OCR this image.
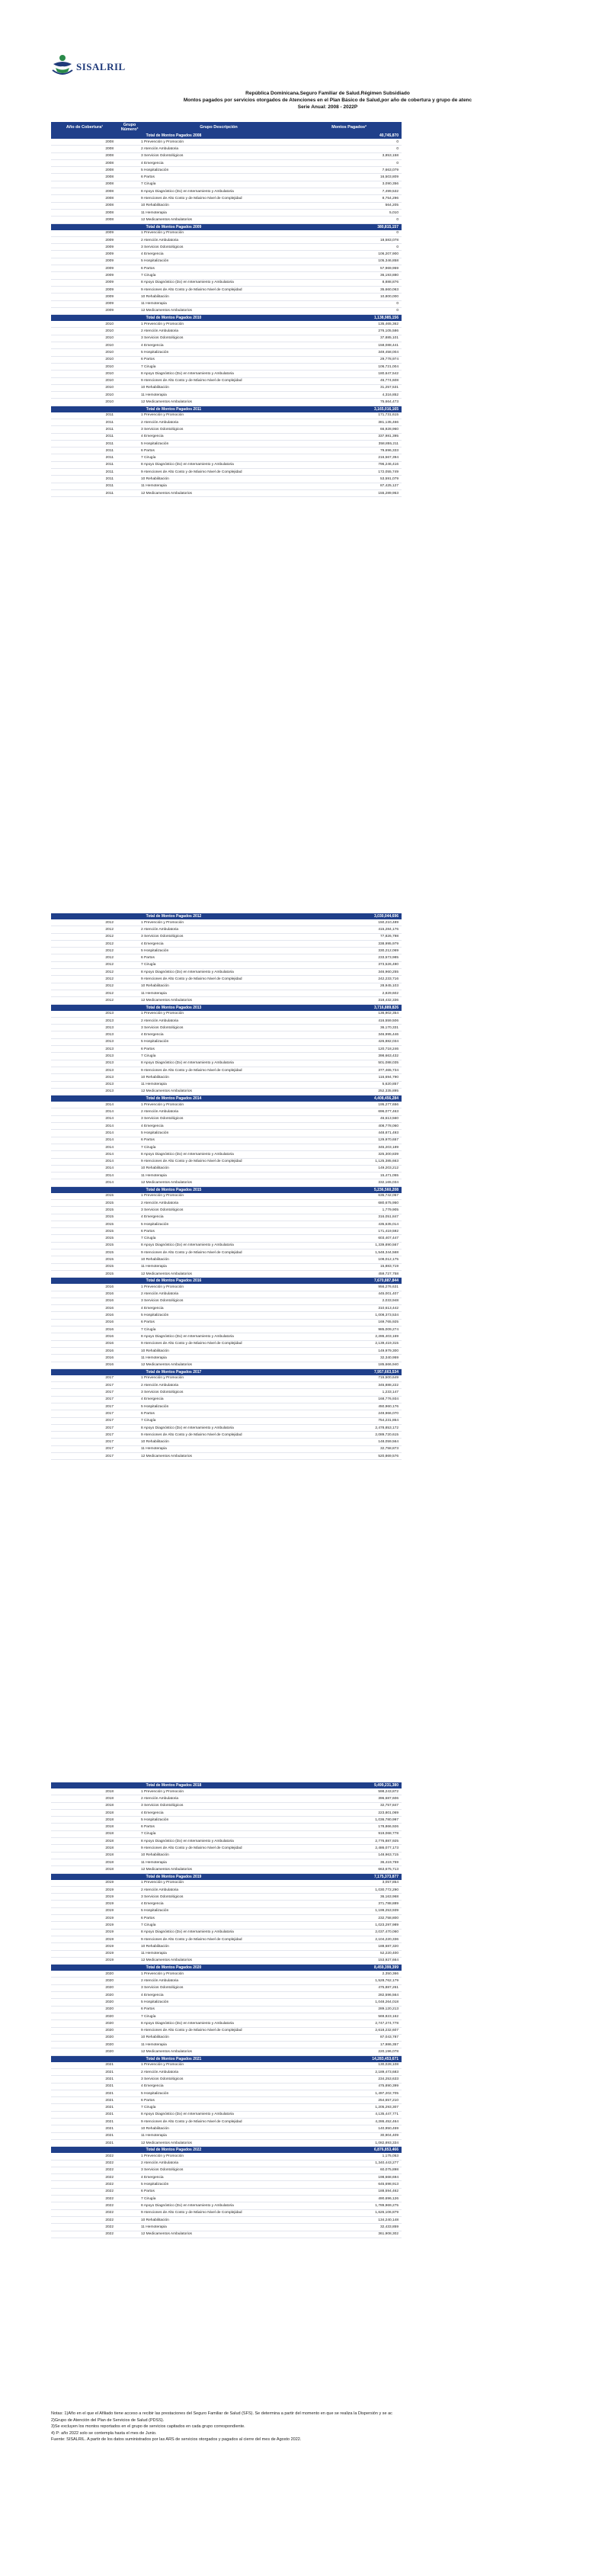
SISALRIL
República Dominicana.Seguro Familiar de Salud.Régimen Subsidiado
Montos pagados por servicios otorgados de Atenciones en el Plan Básico de Salud,por año de cobertura y grupo de atenc
Serie Anual: 2008 - 2022P
Año de Cobertura¹	Grupo Número³	Grupo Descripción	Montos Pagados²
Total de Montos Pagados 2008	40,745,870
2008	1 Prevención y Promoción	0
2008	2 Atención Ambulatoria	0
2008	3 Servicios Odontológicos	3,853,158
2008	4 Emergencia	0
2008	5 Hospitalización	7,663,079
2008	6 Partos	16,503,809
2008	7 Cirugía	3,090,356
2008	8 Apoyo Diagnóstico (Dx) en Internamiento y Ambulatoria	7,499,532
2008	9 Atenciones de Alto Costo y de Máximo Nivel de Complejidad	8,754,296
2008	10 Rehabilitación	564,205
2008	11 Hemoterapia	5,010
2008	12 Medicamentos Ambulatorios	0
Total de Montos Pagados 2009	380,815,157
2009	1 Prevención y Promoción	0
2009	2 Atención Ambulatoria	18,583,078
2009	3 Servicios Odontológicos	0
2009	4 Emergencia	106,207,900
2009	5 Hospitalización	105,346,858
2009	6 Partos	57,969,959
2009	7 Cirugía	36,193,880
2009	8 Apoyo Diagnóstico (Dx) en Internamiento y Ambulatoria	8,888,876
2009	9 Atenciones de Alto Costo y de Máximo Nivel de Complejidad	35,660,063
2009	10 Rehabilitación	10,800,000
2009	11 Hemoterapia	0
2009	12 Medicamentos Ambulatorios	0
Total de Montos Pagados 2010	1,138,985,156
2010	1 Prevención y Promoción	135,465,362
2010	2 Atención Ambulatoria	276,105,586
2010	3 Servicios Odontológicos	37,885,101
2010	4 Emergencia	158,088,441
2010	5 Hospitalización	349,458,004
2010	6 Partos	29,778,974
2010	7 Cirugía	106,721,004
2010	8 Apoyo Diagnóstico (Dx) en Internamiento y Ambulatoria	180,647,542
2010	9 Atenciones de Alto Costo y de Máximo Nivel de Complejidad	46,774,608
2010	10 Rehabilitación	31,257,531
2010	11 Hemoterapia	4,316,852
2010	12 Medicamentos Ambulatorios	75,664,473
Total de Montos Pagados 2011	3,165,016,165
2011	1 Prevención y Promoción	171,731,615
2011	2 Atención Ambulatoria	381,135,466
2011	3 Servicios Odontológicos	66,928,960
2011	4 Emergencia	337,981,395
2011	5 Hospitalización	358,855,211
2011	6 Partos	79,696,333
2011	7 Cirugía	216,567,394
2011	8 Apoyo Diagnóstico (Dx) en Internamiento y Ambulatoria	796,246,416
2011	9 Atenciones de Alto Costo y de Máximo Nivel de Complejidad	172,055,749
2011	10 Rehabilitación	53,591,079
2011	11 Hemoterapia	87,425,127
2011	12 Medicamentos Ambulatorios	155,289,953
Total de Montos Pagados 2012	3,030,044,696
2012	1 Prevención y Promoción	150,210,489
2012	2 Atención Ambulatoria	415,284,176
2012	3 Servicios Odontológicos	77,826,798
2012	4 Emergencia	338,995,979
2012	5 Hospitalización	330,212,069
2012	6 Partos	233,573,985
2012	7 Cirugía	373,526,490
2012	8 Apoyo Diagnóstico (Dx) en Internamiento y Ambulatoria	346,960,255
2012	9 Atenciones de Alto Costo y de Máximo Nivel de Complejidad	242,233,716
2012	10 Rehabilitación	28,945,103
2012	11 Hemoterapia	2,829,602
2012	12 Medicamentos Ambulatorios	318,432,336
Total de Montos Pagados 2013	3,716,889,826
2013	1 Prevención y Promoción	136,902,354
2013	2 Atención Ambulatoria	416,559,506
2013	3 Servicios Odontológicos	36,170,331
2013	4 Emergencia	346,995,446
2013	5 Hospitalización	426,882,034
2013	6 Partos	120,718,246
2013	7 Cirugía	398,663,432
2013	8 Apoyo Diagnóstico (Dx) en Internamiento y Ambulatoria	501,088,035
2013	9 Atenciones de Alto Costo y de Máximo Nivel de Complejidad	377,465,734
2013	10 Rehabilitación	116,694,790
2013	11 Hemoterapia	5,620,857
2013	12 Medicamentos Ambulatorios	252,335,895
Total de Montos Pagados 2014	4,408,456,284
2014	1 Prevención y Promoción	195,277,656
2014	2 Atención Ambulatoria	696,077,463
2014	3 Servicios Odontológicos	46,613,560
2014	4 Emergencia	408,778,060
2014	5 Hospitalización	448,871,493
2014	6 Partos	129,970,657
2014	7 Cirugía	345,203,189
2014	8 Apoyo Diagnóstico (Dx) en Internamiento y Ambulatoria	325,300,839
2014	9 Atenciones de Alto Costo y de Máximo Nivel de Complejidad	1,125,385,663
2014	10 Rehabilitación	149,203,212
2014	11 Hemoterapia	15,471,055
2014	12 Medicamentos Ambulatorios	332,165,034
Total de Montos Pagados 2015	5,236,560,208
2015	1 Prevención y Promoción	635,742,057
2015	2 Atención Ambulatoria	680,675,950
2015	3 Servicios Odontológicos	1,779,905
2015	4 Emergencia	316,051,847
2015	5 Hospitalización	435,635,014
2015	6 Partos	171,419,592
2015	7 Cirugía	603,407,447
2015	8 Apoyo Diagnóstico (Dx) en Internamiento y Ambulatoria	1,339,890,567
2015	9 Atenciones de Alto Costo y de Máximo Nivel de Complejidad	1,548,344,568
2015	10 Rehabilitación	108,012,175
2015	11 Hemoterapia	15,883,719
2015	12 Medicamentos Ambulatorios	459,727,758
Total de Montos Pagados 2016	7,670,887,844
2016	1 Prevención y Promoción	956,276,631
2016	2 Atención Ambulatoria	445,001,407
2016	3 Servicios Odontológicos	2,033,948
2016	4 Emergencia	310,613,442
2016	5 Hospitalización	1,008,373,534
2016	6 Partos	169,765,925
2016	7 Cirugía	985,009,274
2016	8 Apoyo Diagnóstico (Dx) en Internamiento y Ambulatoria	2,286,403,169
2016	9 Atenciones de Alto Costo y de Máximo Nivel de Complejidad	2,139,419,315
2016	10 Rehabilitación	149,979,300
2016	11 Hemoterapia	32,340,959
2016	12 Medicamentos Ambulatorios	185,666,940
Total de Montos Pagados 2017	7,957,663,534
2017	1 Prevención y Promoción	715,500,649
2017	2 Atención Ambulatoria	345,888,222
2017	3 Servicios Odontológicos	1,233,147
2017	4 Emergencia	168,776,934
2017	5 Hospitalización	450,960,176
2017	6 Partos	249,966,070
2017	7 Cirugía	754,231,864
2017	8 Apoyo Diagnóstico (Dx) en Internamiento y Ambulatoria	2,478,853,172
2017	9 Atenciones de Alto Costo y de Máximo Nivel de Complejidad	2,089,720,615
2017	10 Rehabilitación	148,059,564
2017	11 Hemoterapia	32,758,873
2017	12 Medicamentos Ambulatorios	520,869,576
Total de Montos Pagados 2018	9,499,231,380
2018	1 Prevención y Promoción	598,243,872
2018	2 Atención Ambulatoria	396,687,606
2018	3 Servicios Odontológicos	32,757,847
2018	4 Emergencia	223,801,069
2018	5 Hospitalización	1,036,780,997
2018	6 Partos	178,866,926
2018	7 Cirugía	919,068,778
2018	8 Apoyo Diagnóstico (Dx) en Internamiento y Ambulatoria	2,776,887,925
2018	9 Atenciones de Alto Costo y de Máximo Nivel de Complejidad	2,486,077,173
2018	10 Rehabilitación	148,963,715
2018	11 Hemoterapia	36,419,759
2018	12 Medicamentos Ambulatorios	663,675,713
Total de Montos Pagados 2019	7,175,373,877
2019	1 Prevención y Promoción	3,057,854
2019	2 Atención Ambulatoria	1,030,772,290
2019	3 Servicios Odontológicos	36,163,968
2019	4 Emergencia	371,788,889
2019	5 Hospitalización	1,199,253,939
2019	6 Partos	232,758,800
2019	7 Cirugía	1,023,297,989
2019	8 Apoyo Diagnóstico (Dx) en Internamiento y Ambulatoria	2,037,470,060
2019	9 Atenciones de Alto Costo y de Máximo Nivel de Complejidad	2,104,220,336
2019	10 Rehabilitación	188,687,320
2019	11 Hemoterapia	52,220,400
2019	12 Medicamentos Ambulatorios	153,927,664
Total de Montos Pagados 2020	8,459,399,399
2020	1 Prevención y Promoción	2,350,366
2020	2 Atención Ambulatoria	1,528,762,179
2020	3 Servicios Odontológicos	475,887,261
2020	4 Emergencia	282,596,564
2020	5 Hospitalización	1,048,264,018
2020	6 Partos	289,120,213
2020	7 Cirugía	569,823,162
2020	8 Apoyo Diagnóstico (Dx) en Internamiento y Ambulatoria	2,747,274,778
2020	9 Atenciones de Alto Costo y de Máximo Nivel de Complejidad	2,618,232,607
2020	10 Rehabilitación	87,043,787
2020	11 Hemoterapia	17,986,357
2020	12 Medicamentos Ambulatorios	220,196,078
Total de Montos Pagados 2021	14,283,453,671
2021	1 Prevención y Promoción	130,028,108
2021	2 Atención Ambulatoria	2,189,473,683
2021	3 Servicios Odontológicos	234,253,633
2021	4 Emergencia	475,890,399
2021	5 Hospitalización	1,497,202,705
2021	6 Partos	254,657,210
2021	7 Cirugía	1,205,293,307
2021	8 Apoyo Diagnóstico (Dx) en Internamiento y Ambulatoria	4,135,447,771
2021	9 Atenciones de Alto Costo y de Máximo Nivel de Complejidad	4,286,452,464
2021	10 Rehabilitación	140,950,459
2021	11 Hemoterapia	30,904,409
2021	12 Medicamentos Ambulatorios	1,082,893,334
Total de Montos Pagados 2022	6,876,853,466
2022	1 Prevención y Promoción	1,175,053
2022	2 Atención Ambulatoria	1,340,443,277
2022	3 Servicios Odontológicos	60,075,898
2022	4 Emergencia	198,668,694
2022	5 Hospitalización	645,698,913
2022	6 Partos	188,594,462
2022	7 Cirugía	490,696,126
2022	8 Apoyo Diagnóstico (Dx) en Internamiento y Ambulatoria	1,789,969,275
2022	9 Atenciones de Alto Costo y de Máximo Nivel de Complejidad	1,626,106,879
2022	10 Rehabilitación	134,240,148
2022	11 Hemoterapia	32,433,859
2022	12 Medicamentos Ambulatorios	361,908,302
Notas: 1)Año en el que el Afiliado tiene acceso a recibir las prestaciones del Seguro Familiar de Salud (SFS). Se determina a partir del momento en que se realiza la Dispersión y se ac
2)Grupo de Atención del Plan de Servicios de Salud (PDSS).
3)Se excluyen los montos reportados en el grupo de servicios capitados en cada grupo correspondiente.
4) P: año 2022 solo se contempla hasta el mes de Junio.
Fuente: SISALRIL. A partir de los datos suministrados por las ARS de servicios otorgados y pagados al cierre del mes de Agosto 2022.
